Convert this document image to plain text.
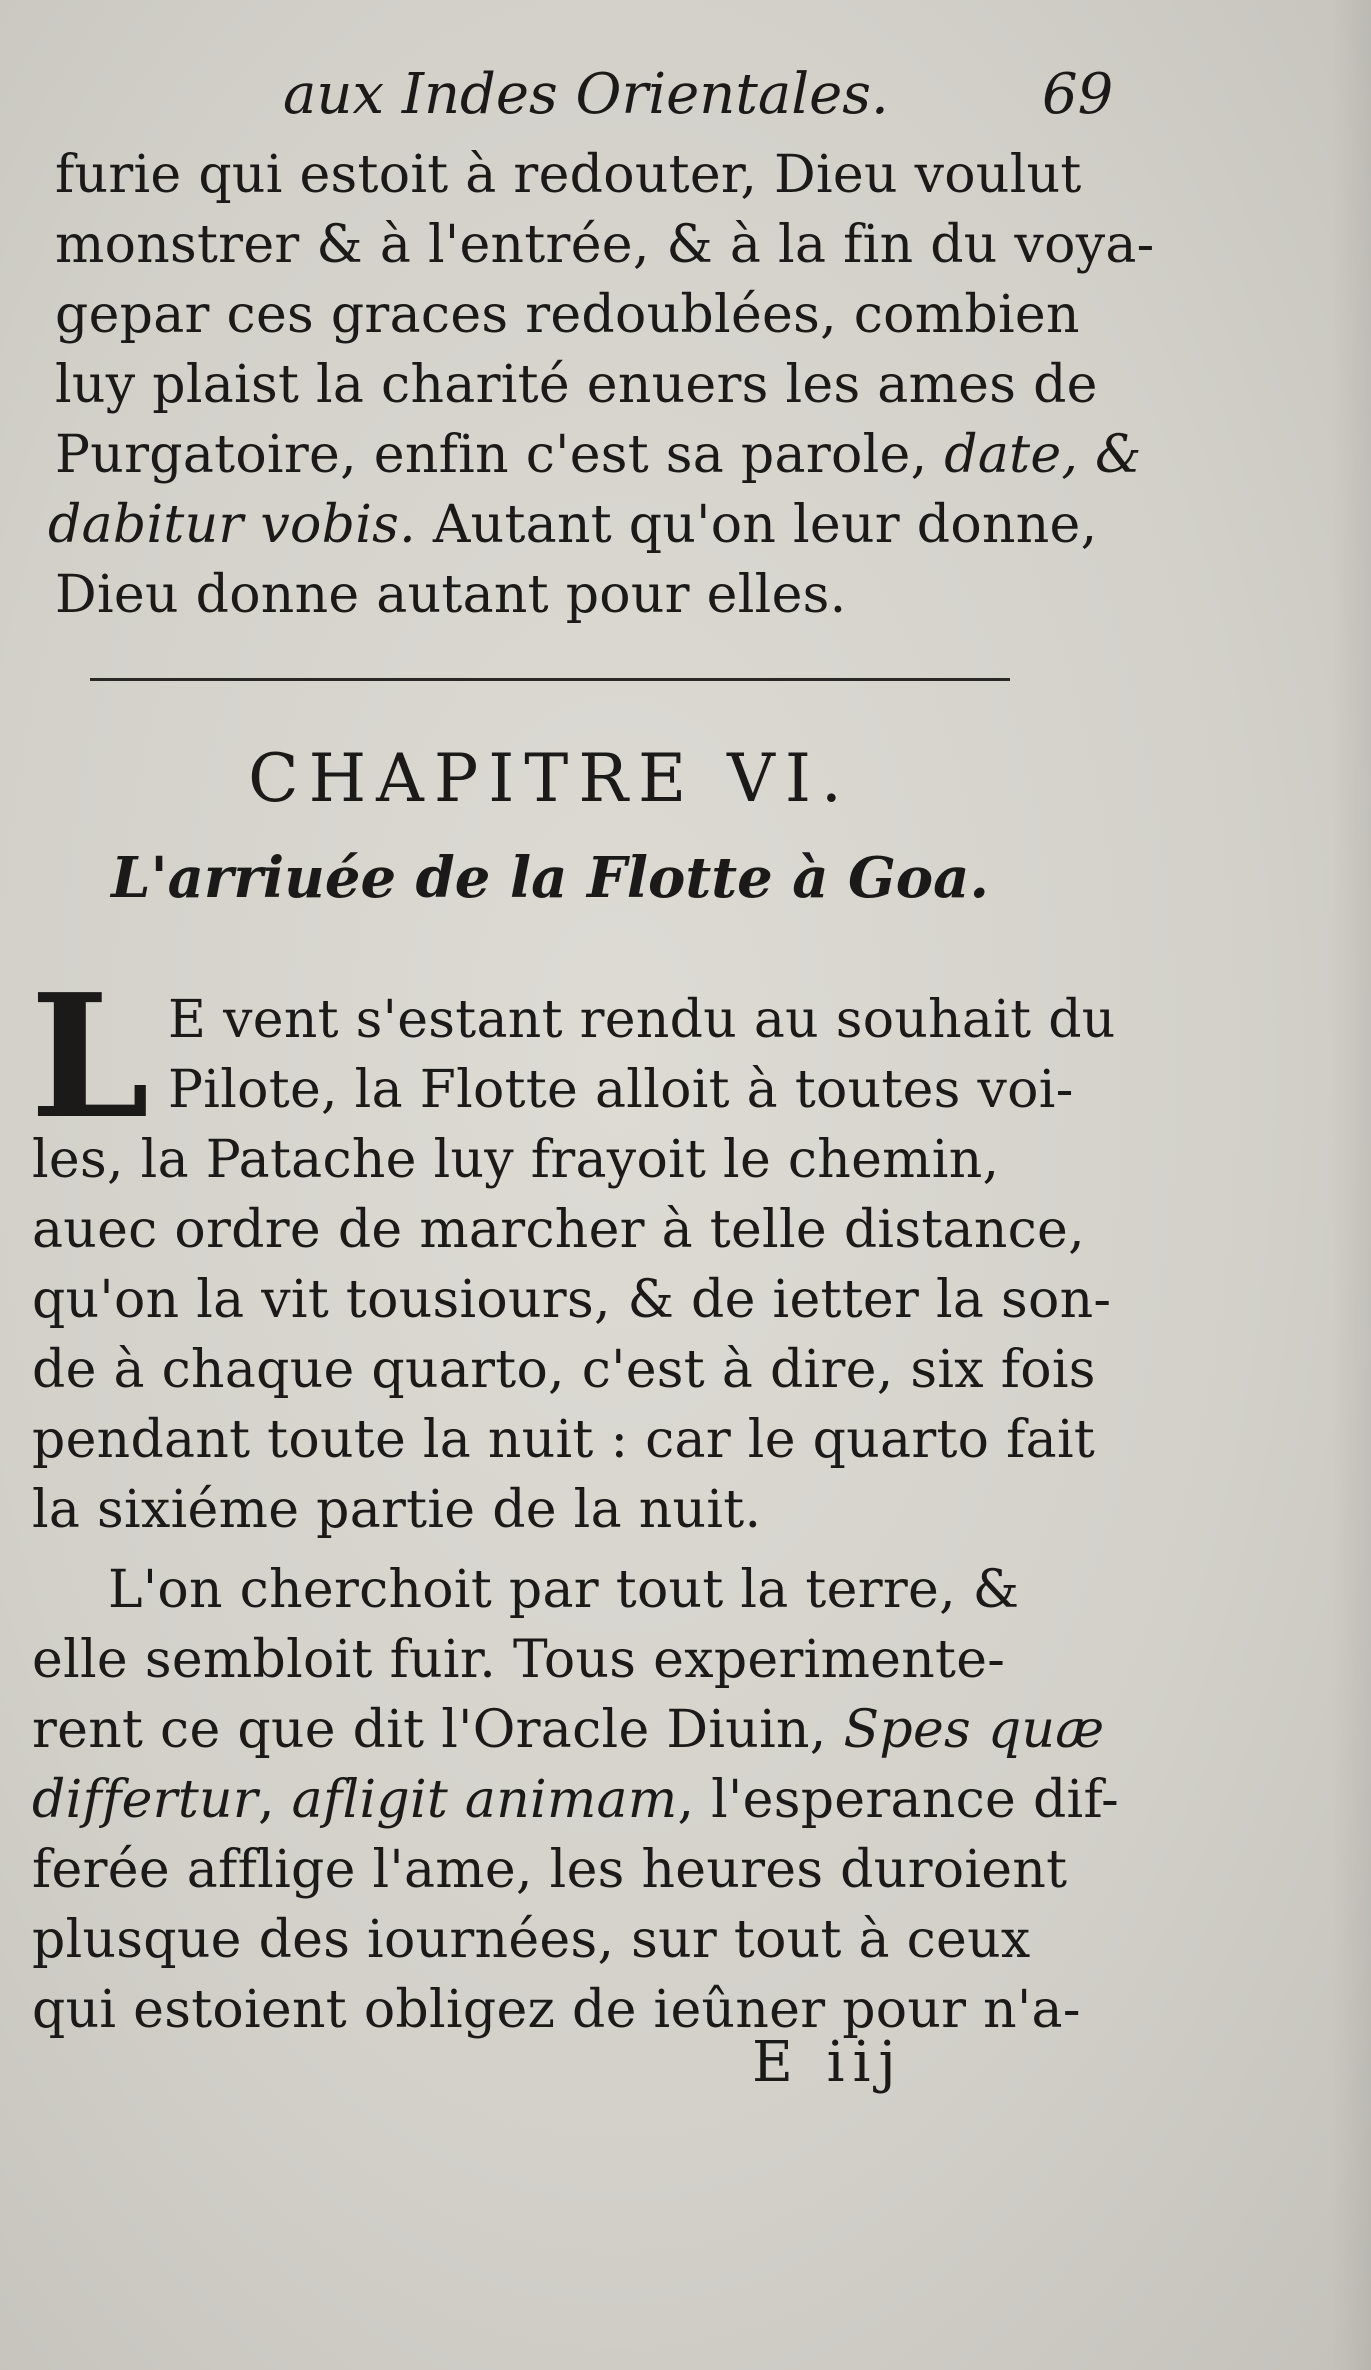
aux Indes Orientales.	69

furie qui estoit à redouter, Dieu voulut

monstrer & à l'entrée, & à la fin du voya-

gepar ces graces redoublées, combien

luy plaist la charité enuers les ames de

Purgatoire, enfin c'est sa parole, date, &

dabitur vobis. Autant qu'on leur donne,

Dieu donne autant pour elles.

CHAPITRE VI.
L'arriuée de la Flotte à Goa.

L E vent s'estant rendu au souhait du

Pilote, la Flotte alloit à toutes voi-

les, la Patache luy frayoit le chemin,

auec ordre de marcher à telle distance,

qu'on la vit tousiours, & de ietter la son-

de à chaque quarto, c'est à dire, six fois

pendant toute la nuit : car le quarto fait

la sixiéme partie de la nuit.

L'on cherchoit par tout la terre, &

elle sembloit fuir. Tous experimente-

rent ce que dit l'Oracle Diuin, Spes quæ

differtur, afligit animam, l'esperance dif-

ferée afflige l'ame, les heures duroient

plusque des iournées, sur tout à ceux

qui estoient obligez de ieûner pour n'a-

E iij
